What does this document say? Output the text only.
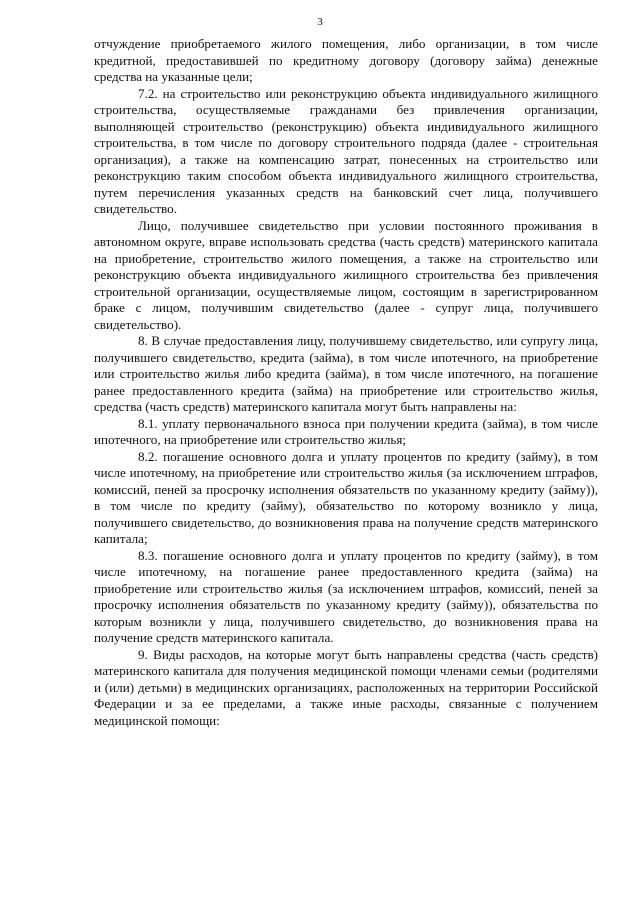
3

отчуждение приобретаемого жилого помещения, либо организации, в том числе кредитной, предоставившей по кредитному договору (договору займа) денежные средства на указанные цели;

7.2. на строительство или реконструкцию объекта индивидуального жилищного строительства, осуществляемые гражданами без привлечения организации, выполняющей строительство (реконструкцию) объекта индивидуального жилищного строительства, в том числе по договору строительного подряда (далее - строительная организация), а также на компенсацию затрат, понесенных на строительство или реконструкцию таким способом объекта индивидуального жилищного строительства, путем перечисления указанных средств на банковский счет лица, получившего свидетельство.

Лицо, получившее свидетельство при условии постоянного проживания в автономном округе, вправе использовать средства (часть средств) материнского капитала на приобретение, строительство жилого помещения, а также на строительство или реконструкцию объекта индивидуального жилищного строительства без привлечения строительной организации, осуществляемые лицом, состоящим в зарегистрированном браке с лицом, получившим свидетельство (далее - супруг лица, получившего свидетельство).

8. В случае предоставления лицу, получившему свидетельство, или супругу лица, получившего свидетельство, кредита (займа), в том числе ипотечного, на приобретение или строительство жилья либо кредита (займа), в том числе ипотечного, на погашение ранее предоставленного кредита (займа) на приобретение или строительство жилья, средства (часть средств) материнского капитала могут быть направлены на:

8.1. уплату первоначального взноса при получении кредита (займа), в том числе ипотечного, на приобретение или строительство жилья;

8.2. погашение основного долга и уплату процентов по кредиту (займу), в том числе ипотечному, на приобретение или строительство жилья (за исключением штрафов, комиссий, пеней за просрочку исполнения обязательств по указанному кредиту (займу)), в том числе по кредиту (займу), обязательство по которому возникло у лица, получившего свидетельство, до возникновения права на получение средств материнского капитала;

8.3. погашение основного долга и уплату процентов по кредиту (займу), в том числе ипотечному, на погашение ранее предоставленного кредита (займа) на приобретение или строительство жилья (за исключением штрафов, комиссий, пеней за просрочку исполнения обязательств по указанному кредиту (займу)), обязательства по которым возникли у лица, получившего свидетельство, до возникновения права на получение средств материнского капитала.

9. Виды расходов, на которые могут быть направлены средства (часть средств) материнского капитала для получения медицинской помощи членами семьи (родителями и (или) детьми) в медицинских организациях, расположенных на территории Российской Федерации и за ее пределами, а также иные расходы, связанные с получением медицинской помощи:
